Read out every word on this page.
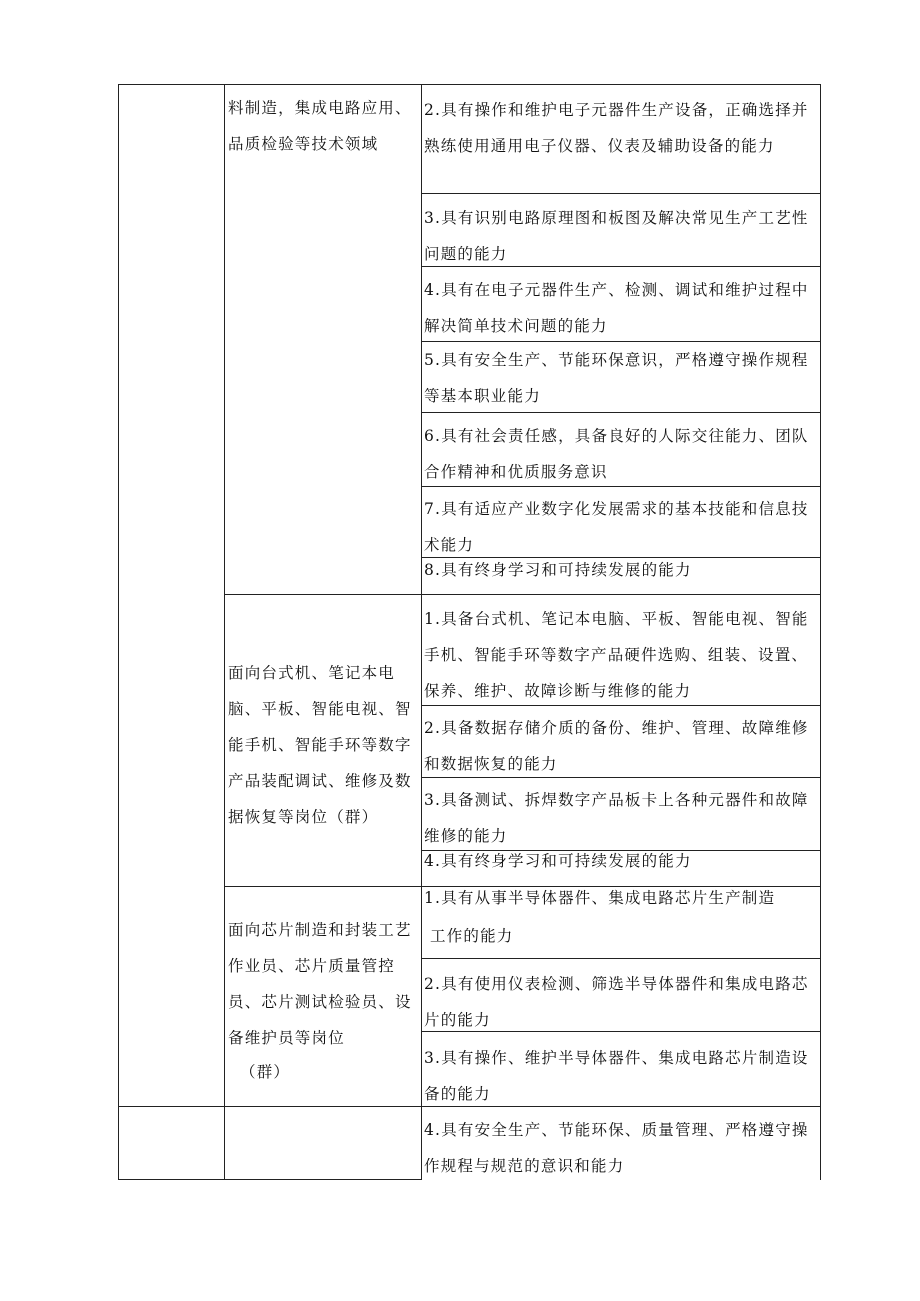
料制造，集成电路应用、品质检验等技术领域
面向台式机、笔记本电脑、平板、智能电视、智能手机、智能手环等数字产品装配调试、维修及数据恢复等岗位（群）
面向芯片制造和封装工艺作业员、芯片质量管控员、芯片测试检验员、设备维护员等岗位
（群）
2.具有操作和维护电子元器件生产设备，正确选择并熟练使用通用电子仪器、仪表及辅助设备的能力
3.具有识别电路原理图和板图及解决常见生产工艺性问题的能力
4.具有在电子元器件生产、检测、调试和维护过程中解决简单技术问题的能力
5.具有安全生产、节能环保意识，严格遵守操作规程等基本职业能力
6.具有社会责任感，具备良好的人际交往能力、团队合作精神和优质服务意识
7.具有适应产业数字化发展需求的基本技能和信息技术能力
8.具有终身学习和可持续发展的能力
1.具备台式机、笔记本电脑、平板、智能电视、智能手机、智能手环等数字产品硬件选购、组装、设置、保养、维护、故障诊断与维修的能力
2.具备数据存储介质的备份、维护、管理、故障维修和数据恢复的能力
3.具备测试、拆焊数字产品板卡上各种元器件和故障维修的能力
4.具有终身学习和可持续发展的能力
1.具有从事半导体器件、集成电路芯片生产制造
工作的能力
2.具有使用仪表检测、筛选半导体器件和集成电路芯片的能力
3.具有操作、维护半导体器件、集成电路芯片制造设备的能力
4.具有安全生产、节能环保、质量管理、严格遵守操作规程与规范的意识和能力
